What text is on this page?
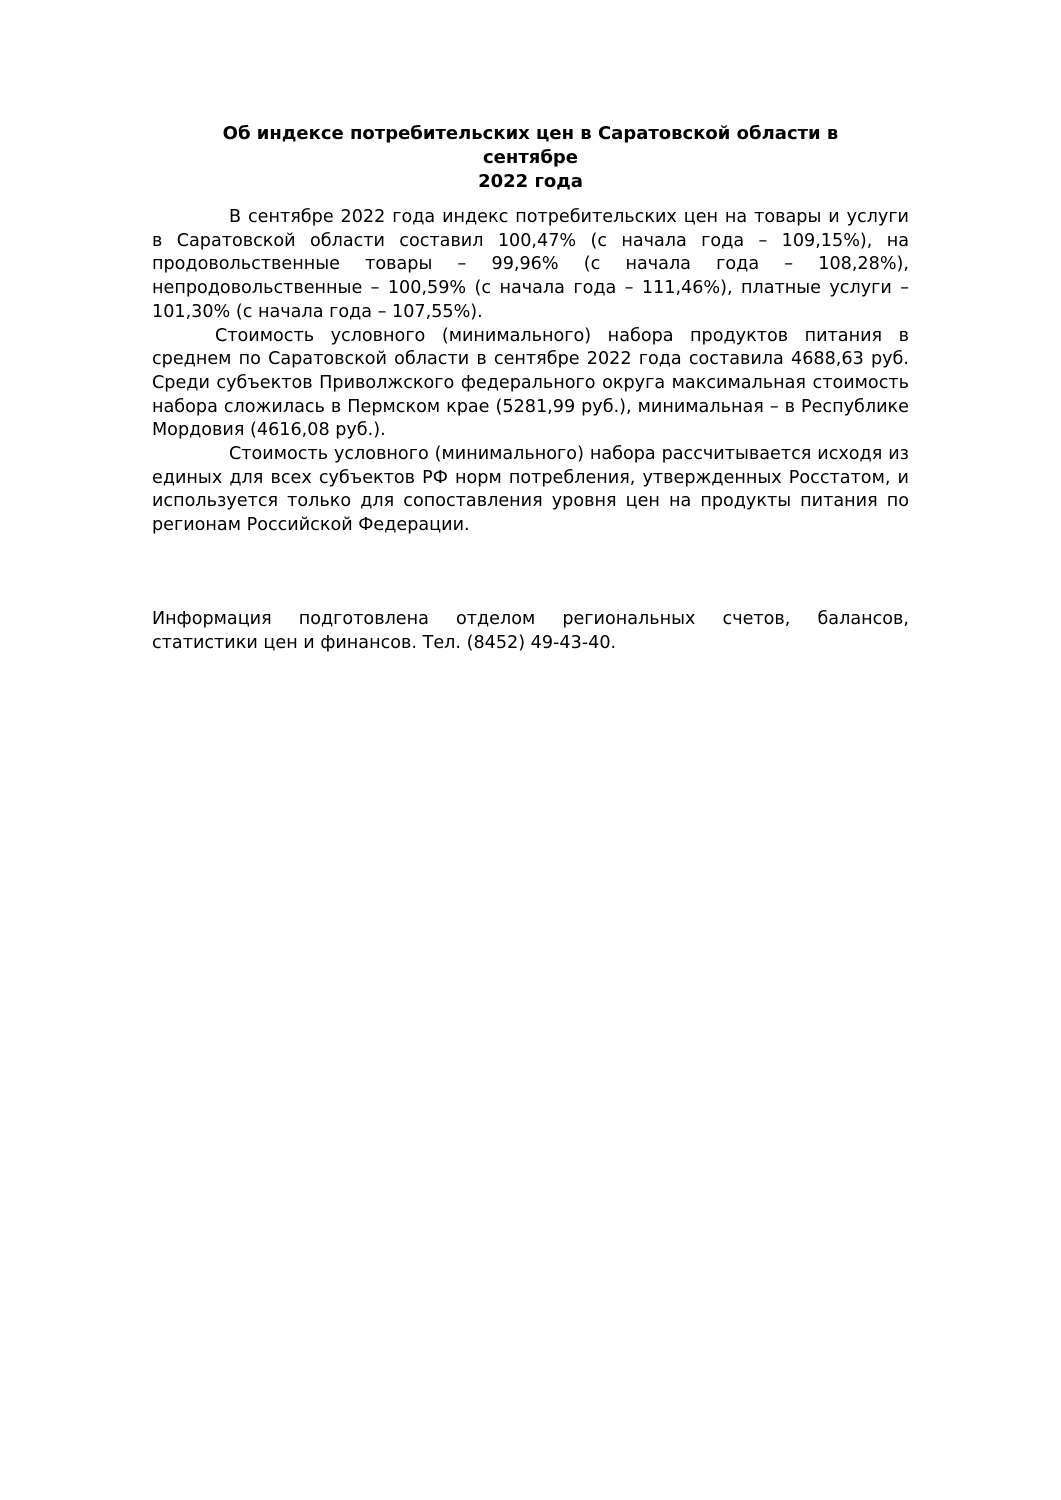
Об индексе потребительских цен в Саратовской области в
сентябре
2022 года

В сентябре 2022 года индекс потребительских цен на товары и услуги в Саратовской области составил 100,47% (с начала года – 109,15%), на продовольственные товары – 99,96% (с начала года – 108,28%), непродовольственные – 100,59% (с начала года – 111,46%), платные услуги – 101,30% (с начала года – 107,55%).

Стоимость условного (минимального) набора продуктов питания в среднем по Саратовской области в сентябре 2022 года составила 4688,63 руб. Среди субъектов Приволжского федерального округа максимальная стоимость набора сложилась в Пермском крае (5281,99 руб.), минимальная – в Республике Мордовия (4616,08 руб.).

Стоимость условного (минимального) набора рассчитывается исходя из единых для всех субъектов РФ норм потребления, утвержденных Росстатом, и используется только для сопоставления уровня цен на продукты питания по регионам Российской Федерации.

Информация подготовлена отделом региональных счетов, балансов, статистики цен и финансов. Тел. (8452) 49-43-40.
